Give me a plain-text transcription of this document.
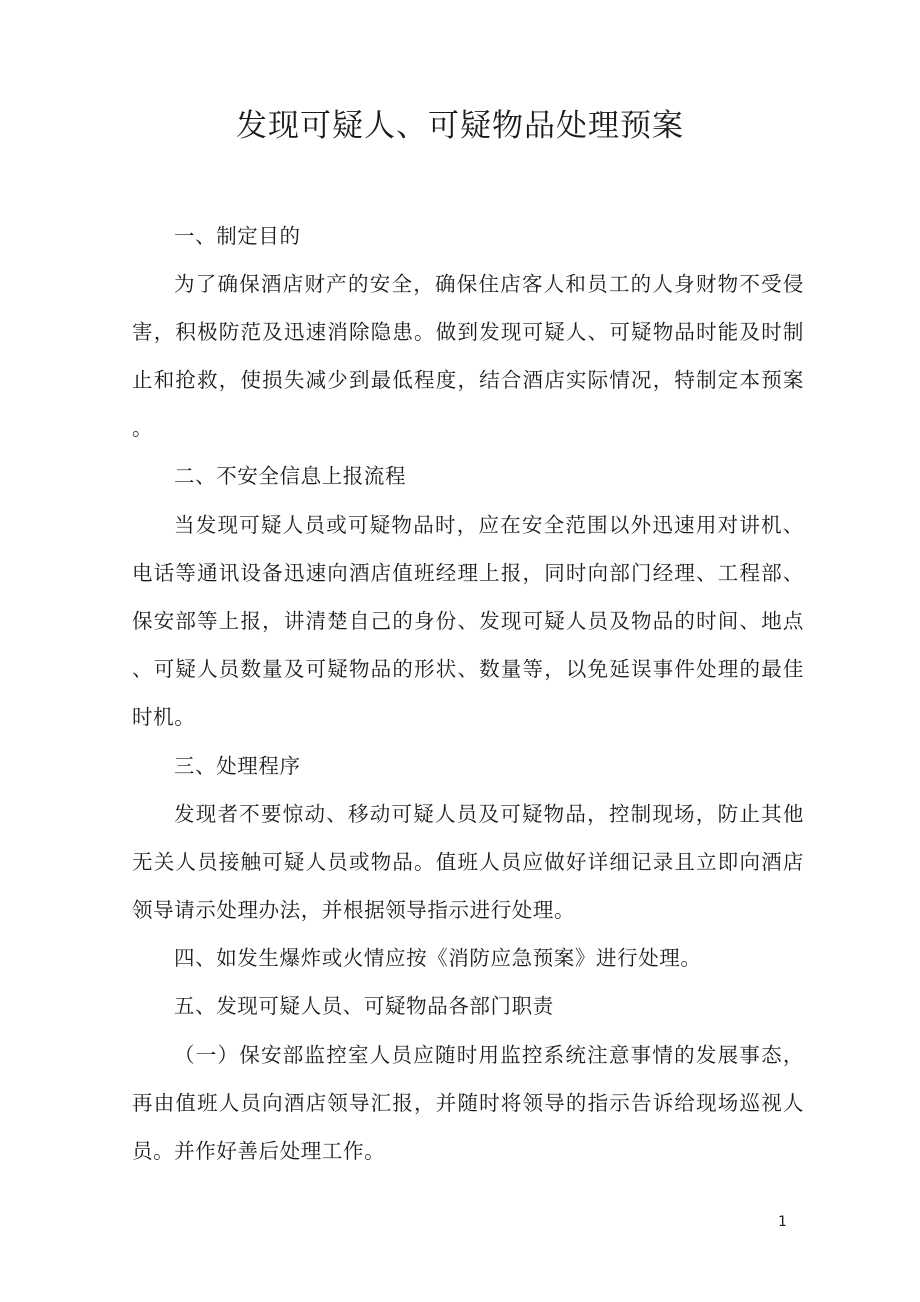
发现可疑人、可疑物品处理预案

一、制定目的

为了确保酒店财产的安全，确保住店客人和员工的人身财物不受侵

害，积极防范及迅速消除隐患。做到发现可疑人、可疑物品时能及时制

止和抢救，使损失减少到最低程度，结合酒店实际情况，特制定本预案

。

二、不安全信息上报流程

当发现可疑人员或可疑物品时，应在安全范围以外迅速用对讲机、

电话等通讯设备迅速向酒店值班经理上报，同时向部门经理、工程部、

保安部等上报，讲清楚自己的身份、发现可疑人员及物品的时间、地点

、可疑人员数量及可疑物品的形状、数量等，以免延误事件处理的最佳

时机。

三、处理程序

发现者不要惊动、移动可疑人员及可疑物品，控制现场，防止其他

无关人员接触可疑人员或物品。值班人员应做好详细记录且立即向酒店

领导请示处理办法，并根据领导指示进行处理。

四、如发生爆炸或火情应按《消防应急预案》进行处理。

五、发现可疑人员、可疑物品各部门职责

（一）保安部监控室人员应随时用监控系统注意事情的发展事态，

再由值班人员向酒店领导汇报，并随时将领导的指示告诉给现场巡视人

员。并作好善后处理工作。

1
